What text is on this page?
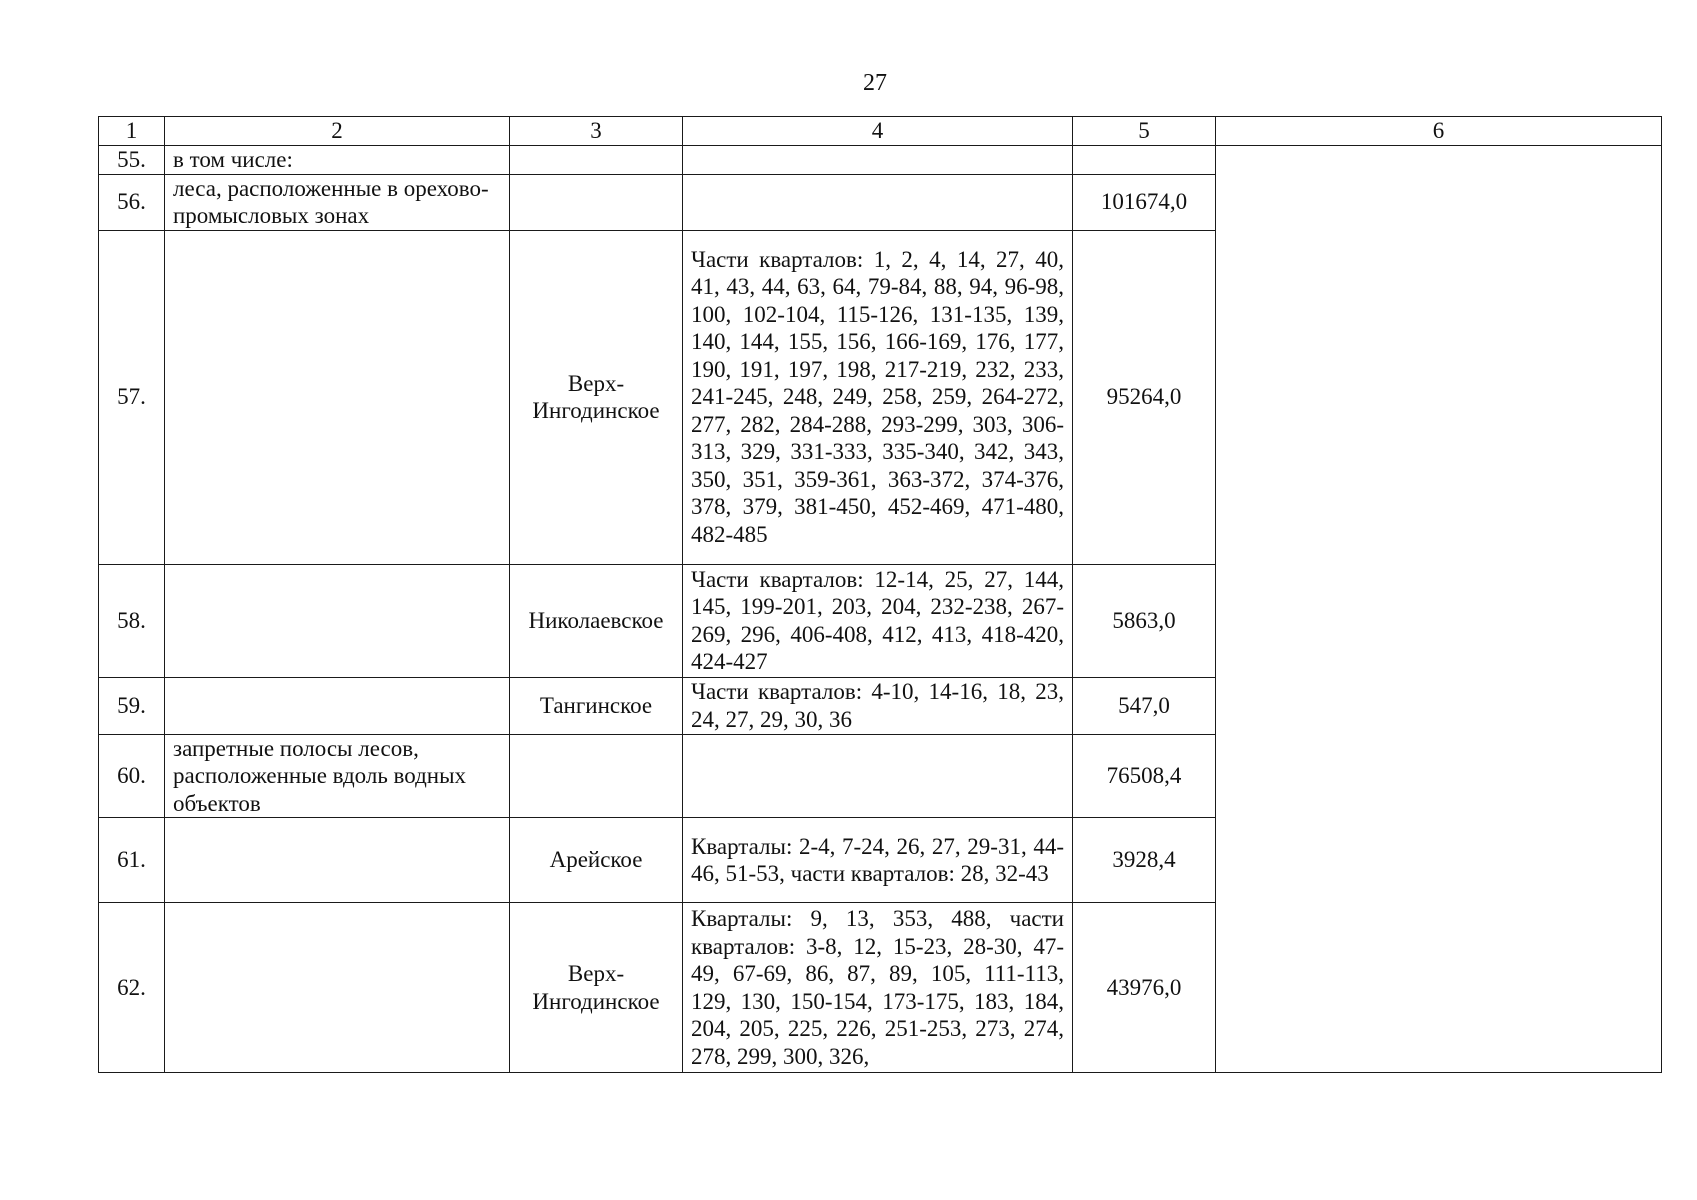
27
1	2	3	4	5	6
55.	в том числе:				
56.	леса, расположенные в орехово-промысловых зонах			101674,0	
57.		Верх-Ингодинское	Части кварталов: 1, 2, 4, 14, 27, 40, 41, 43, 44, 63, 64, 79-84, 88, 94, 96-98, 100, 102-104, 115-126, 131-135, 139, 140, 144, 155, 156, 166-169, 176, 177, 190, 191, 197, 198, 217-219, 232, 233, 241-245, 248, 249, 258, 259, 264-272, 277, 282, 284-288, 293-299, 303, 306-313, 329, 331-333, 335-340, 342, 343, 350, 351, 359-361, 363-372, 374-376, 378, 379, 381-450, 452-469, 471-480, 482-485	95264,0	
58.		Николаевское	Части кварталов: 12-14, 25, 27, 144, 145, 199-201, 203, 204, 232-238, 267-269, 296, 406-408, 412, 413, 418-420, 424-427	5863,0	
59.		Тангинское	Части кварталов: 4-10, 14-16, 18, 23, 24, 27, 29, 30, 36	547,0	
60.	запретные полосы лесов, расположенные вдоль водных объектов			76508,4	
61.		Арейское	Кварталы: 2-4, 7-24, 26, 27, 29-31, 44-46, 51-53, части кварталов: 28, 32-43	3928,4	
62.		Верх-Ингодинское	Кварталы: 9, 13, 353, 488, части кварталов: 3-8, 12, 15-23, 28-30, 47-49, 67-69, 86, 87, 89, 105, 111-113, 129, 130, 150-154, 173-175, 183, 184, 204, 205, 225, 226, 251-253, 273, 274, 278, 299, 300, 326,	43976,0	
